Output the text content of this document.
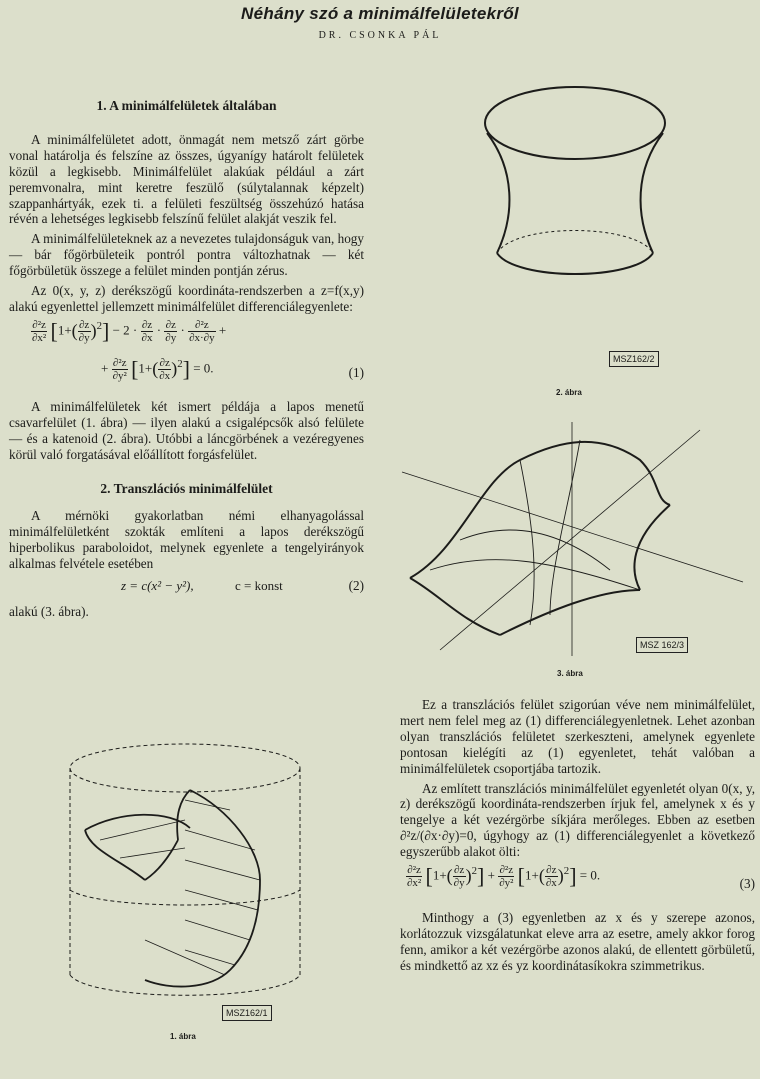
Néhány szó a minimálfelületekről
DR. CSONKA PÁL
1. A minimálfelületek általában

A minimálfelületet adott, önmagát nem metsző zárt görbe vonal határolja és felszíne az összes, úgyanígy határolt felületek közül a legkisebb. Minimálfelület alakúak például a zárt peremvonalra, mint keretre feszülő (súlytalannak képzelt) szappanhártyák, ezek ti. a felületi feszültség összehúzó hatása révén a lehetséges legkisebb felszínű felület alakját veszik fel.

A minimálfelületeknek az a nevezetes tulajdonságuk van, hogy — bár főgörbületeik pontról pontra változhatnak — két főgörbületük összege a felület minden pontján zérus.

Az 0(x, y, z) derékszögű koordináta-rendszerben a z=f(x,y) alakú egyenlettel jellemzett minimálfelület differenciálegyenlete:

$\frac{\text{∂²z}}{\text{∂x²}} [1+( \frac{\partial z}{\partial y} )^2] - 2 \cdot \frac{\partial z}{\partial x} \cdot \frac{\partial z}{\partial y} \cdot \frac{\text{∂²z}}{\partial x\cdot\partial y}$ +
+ $\frac{\text{∂²z}}{\text{∂y²}} [1+( \frac{\partial z}{\partial x} )^2] = 0$.	(1)

A minimálfelületek két ismert példája a lapos menetű csavarfelület (1. ábra) — ilyen alakú a csigalépcsők alsó felülete — és a katenoid (2. ábra). Utóbbi a láncgörbének a vezéregyenes körül való forgatásával előállított forgásfelület.

2. Transzlációs minimálfelület

A mérnöki gyakorlatban némi elhanyagolással minimálfelületként szokták említeni a lapos derékszögű hiperbolikus paraboloidot, melynek egyenlete a tengelyirányok alkalmas felvétele esetében

z = c(x² − y²),	c = konst	(2)

alakú (3. ábra).

MSZ162/2
2. ábra
MSZ 162/3
3. ábra
MSZ162/1
1. ábra

Ez a transzlációs felület szigorúan véve nem minimálfelület, mert nem felel meg az (1) differenciálegyenletnek. Lehet azonban olyan transzlációs felületet szerkeszteni, amelynek egyenlete pontosan kielégíti az (1) egyenletet, tehát valóban a minimálfelületek csoportjába tartozik.

Az említett transzlációs minimálfelület egyenletét olyan 0(x, y, z) derékszögű koordináta-rendszerben írjuk fel, amelynek x és y tengelye a két vezérgörbe síkjára merőleges. Ebben az esetben ∂²z/(∂x·∂y)=0, úgyhogy az (1) differenciálegyenlet a következő egyszerűbb alakot ölti:

$\frac{\text{∂²z}}{\text{∂x²}} [1+( \frac{\partial z}{\partial y} )^2] + \frac{\text{∂²z}}{\text{∂y²}} [1+( \frac{\partial z}{\partial x} )^2] = 0$.
(3)

Minthogy a (3) egyenletben az x és y szerepe azonos, korlátozzuk vizsgálatunkat eleve arra az esetre, amely akkor forog fenn, amikor a két vezérgörbe azonos alakú, de ellentett görbületű, és mindkettő az xz és yz koordinátasíkokra szimmetrikus.
